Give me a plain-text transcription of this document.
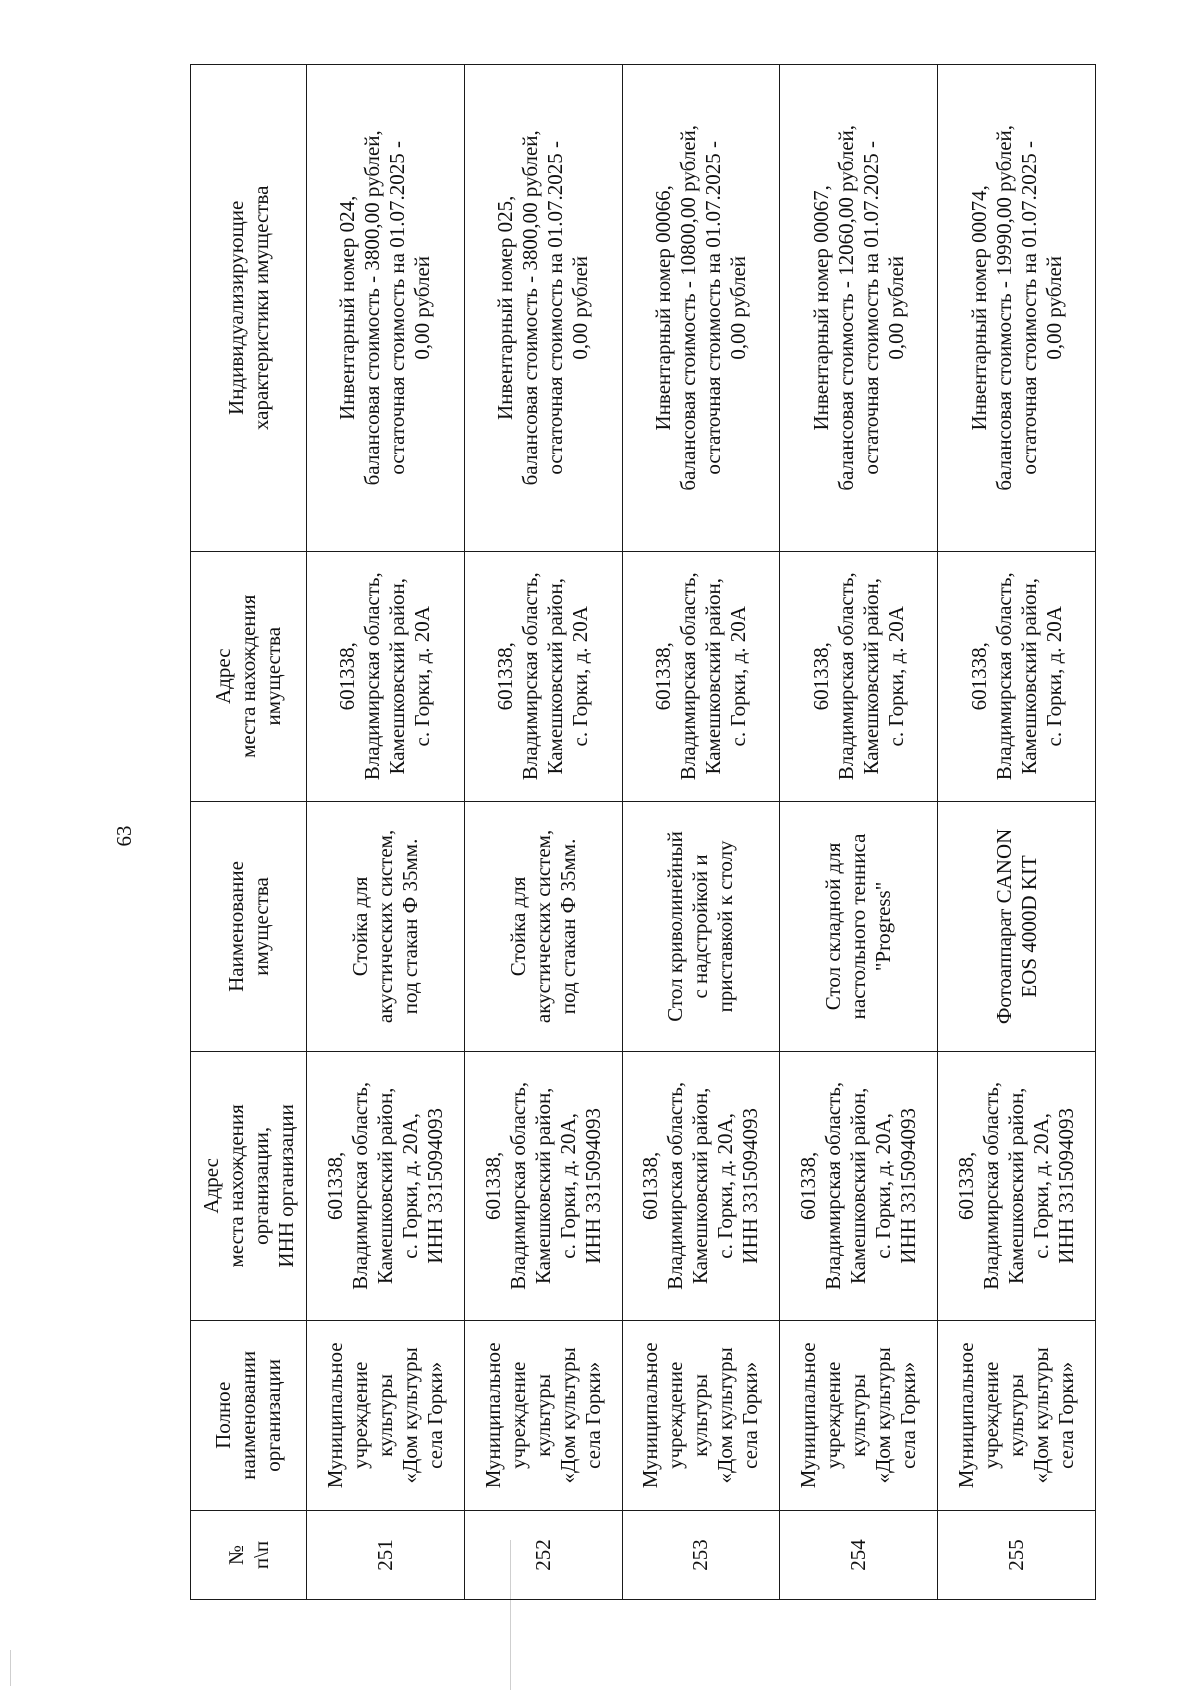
63
№ п\п	Полное наименовании организации	Адрес места нахождения организации, ИНН организации	Наименование имущества	Адрес места нахождения имущества	Индивидуализирующие характеристики имущества

251	Муниципальное учреждение культуры «Дом культуры села Горки»	601338, Владимирская область, Камешковский район, с. Горки, д. 20А, ИНН 3315094093	Стойка для акустических систем, под стакан Ф 35мм.	601338, Владимирская область, Камешковский район, с. Горки, д. 20А	Инвентарный номер 024, балансовая стоимость - 3800,00 рублей, остаточная стоимость на 01.07.2025 - 0,00 рублей

252	Муниципальное учреждение культуры «Дом культуры села Горки»	601338, Владимирская область, Камешковский район, с. Горки, д. 20А, ИНН 3315094093	Стойка для акустических систем, под стакан Ф 35мм.	601338, Владимирская область, Камешковский район, с. Горки, д. 20А	Инвентарный номер 025, балансовая стоимость - 3800,00 рублей, остаточная стоимость на 01.07.2025 - 0,00 рублей

253	Муниципальное учреждение культуры «Дом культуры села Горки»	601338, Владимирская область, Камешковский район, с. Горки, д. 20А, ИНН 3315094093	Стол криволинейный с надстройкой и приставкой к столу	601338, Владимирская область, Камешковский район, с. Горки, д. 20А	Инвентарный номер 00066, балансовая стоимость - 10800,00 рублей, остаточная стоимость на 01.07.2025 - 0,00 рублей

254	Муниципальное учреждение культуры «Дом культуры села Горки»	601338, Владимирская область, Камешковский район, с. Горки, д. 20А, ИНН 3315094093	Стол складной для настольного тенниса "Progress"	601338, Владимирская область, Камешковский район, с. Горки, д. 20А	Инвентарный номер 00067, балансовая стоимость - 12060,00 рублей, остаточная стоимость на 01.07.2025 - 0,00 рублей

255	Муниципальное учреждение культуры «Дом культуры села Горки»	601338, Владимирская область, Камешковский район, с. Горки, д. 20А, ИНН 3315094093	Фотоаппарат CANON EOS 4000D KIT	601338, Владимирская область, Камешковский район, с. Горки, д. 20А	Инвентарный номер 00074, балансовая стоимость - 19990,00 рублей, остаточная стоимость на 01.07.2025 - 0,00 рублей
